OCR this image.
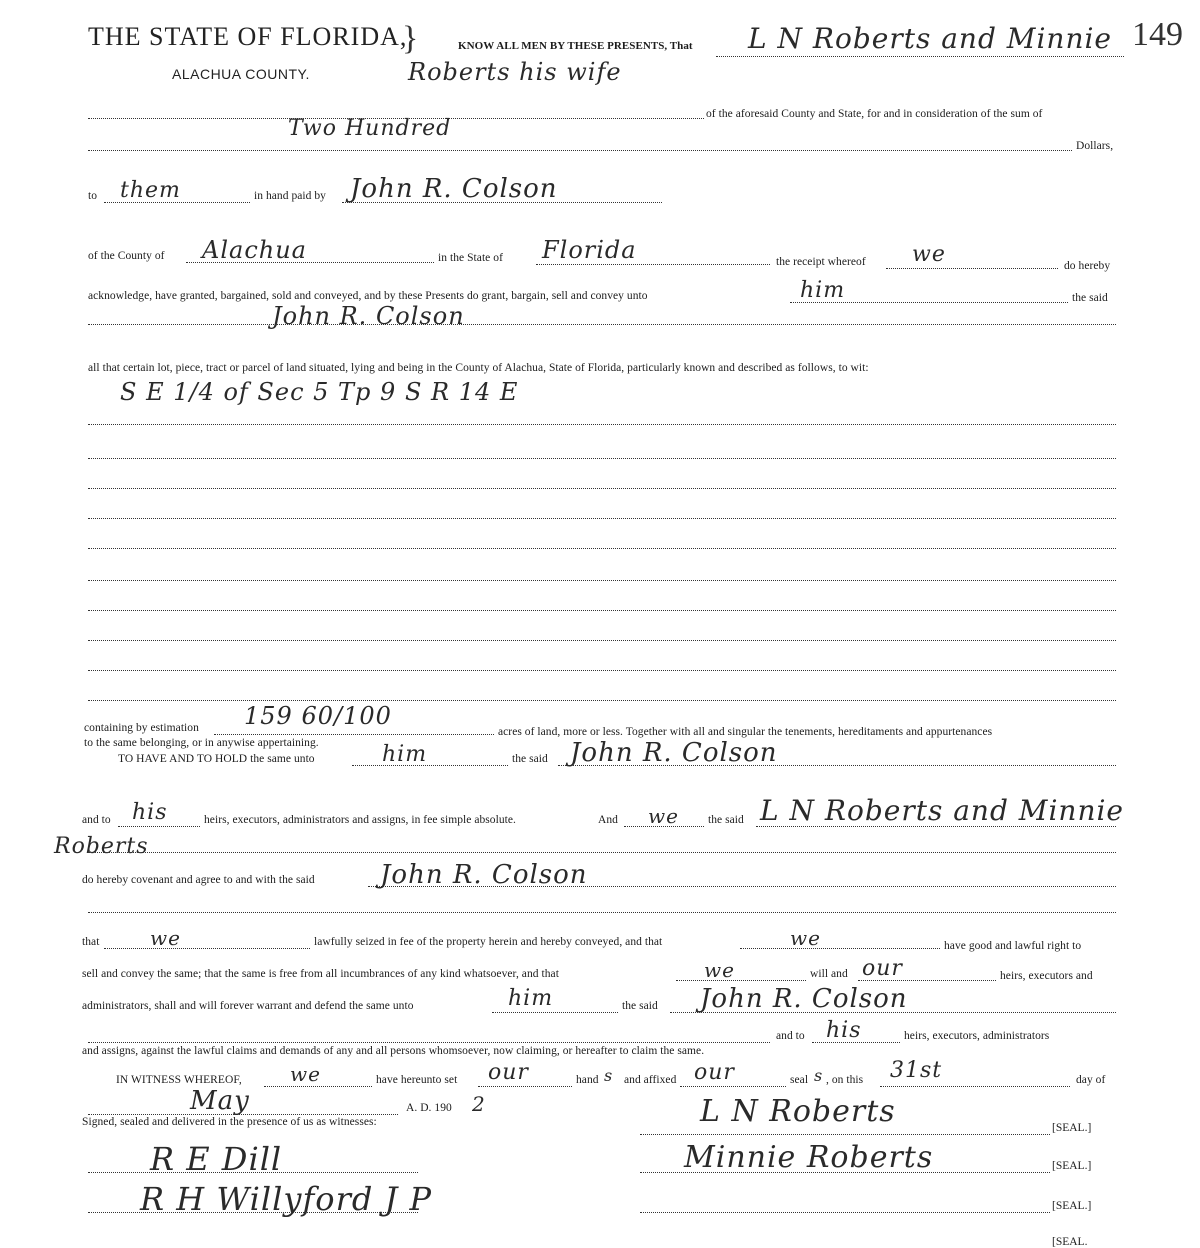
THE STATE OF FLORIDA,
}
ALACHUA COUNTY.
KNOW ALL MEN BY THESE PRESENTS, That	149
L N Roberts and Minnie
Roberts his wife
of the aforesaid County and State, for and in consideration of the sum of
Two Hundred
Dollars,
to them	in hand paid by John R. Colson
of the County of Alachua	in the State of Florida	the receipt whereof we	do hereby
acknowledge, have granted, bargained, sold and conveyed, and by these Presents do grant, bargain, sell and convey unto	him	the said
John R. Colson
all that certain lot, piece, tract or parcel of land situated, lying and being in the County of Alachua, State of Florida, particularly known and described as follows, to wit:
S E 1/4 of Sec 5 Tp 9 S R 14 E
containing by estimation 159 60/100
acres of land, more or less. Together with all and singular the tenements, hereditaments and appurtenances
to the same belonging, or in anywise appertaining.
TO HAVE AND TO HOLD the same unto	him	the said John R. Colson
and to his	heirs, executors, administrators and assigns, in fee simple absolute.	And we	the said L N Roberts and Minnie
Roberts
do hereby covenant and agree to and with the said	John R. Colson
that	we	lawfully seized in fee of the property herein and hereby conveyed, and that	we	have good and lawful right to
sell and convey the same; that the same is free from all incumbrances of any kind whatsoever, and that	we	will and our	heirs, executors and
administrators, shall and will forever warrant and defend the same unto	him	the said John R. Colson
and to his	heirs, executors, administrators
and assigns, against the lawful claims and demands of any and all persons whomsoever, now claiming, or hereafter to claim the same.
IN WITNESS WHEREOF, we	have hereunto set our	hand s and affixed our	seal s , on this 31st	day of
May	A. D. 190 2
Signed, sealed and delivered in the presence of us as witnesses:	L N Roberts	[SEAL.]
Minnie Roberts	[SEAL.]
[SEAL.]
[SEAL.
R E Dill
R H Willyford J P
